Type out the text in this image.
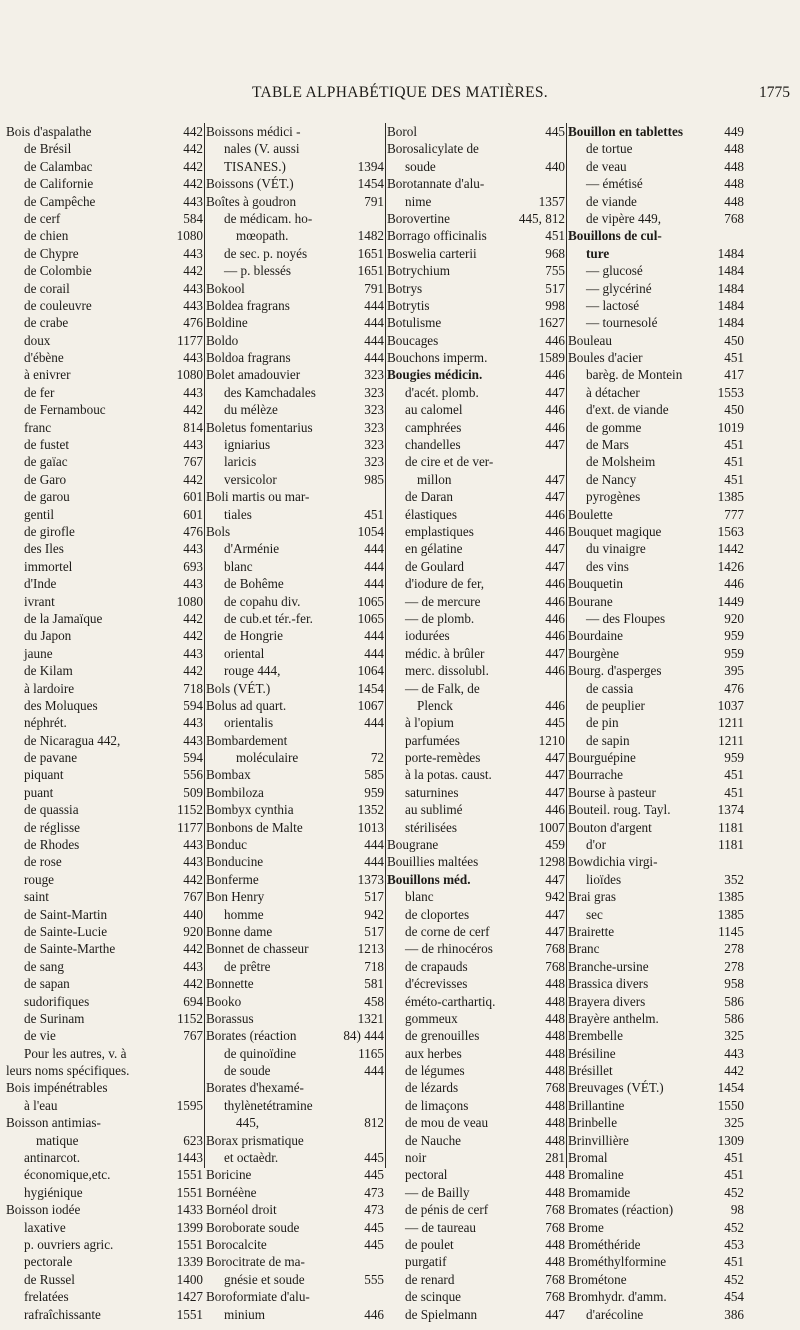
TABLE ALPHABÉTIQUE DES MATIÈRES.	1775
Bois d'aspalathe	442
de Brésil	442
de Calambac	442
de Californie	442
de Campêche	443
de cerf	584
de chien	1080
de Chypre	443
de Colombie	442
de corail	443
de couleuvre	443
de crabe	476
doux	1177
d'ébène	443
à enivrer	1080
de fer	443
de Fernambouc	442
franc	814
de fustet	443
de gaïac	767
de Garo	442
de garou	601
gentil	601
de girofle	476
des Iles	443
immortel	693
d'Inde	443
ivrant	1080
de la Jamaïque	442
du Japon	442
jaune	443
de Kilam	442
à lardoire	718
des Moluques	594
néphrét.	443
de Nicaragua 442,	443
de pavane	594
piquant	556
puant	509
de quassia	1152
de réglisse	1177
de Rhodes	443
de rose	443
rouge	442
saint	767
de Saint-Martin	440
de Sainte-Lucie	920
de Sainte-Marthe	442
de sang	443
de sapan	442
sudorifiques	694
de Surinam	1152
de vie	767
Pour les autres, v. à
leurs noms spécifiques.
Bois impénétrables
à l'eau	1595
Boisson antimias-
matique	623
antinarcot.	1443
économique,etc.	1551
hygiénique	1551
Boisson iodée	1433
laxative	1399
p. ouvriers agric.	1551
pectorale	1339
de Russel	1400
frelatées	1427
rafraîchissante	1551
Boissons médici -
nales (V. aussi
TISANES.)	1394
Boissons (VÉT.)	1454
Boîtes à goudron	791
de médicam. ho-
mœopath.	1482
de sec. p. noyés	1651
— p. blessés	1651
Bokool	791
Boldea fragrans	444
Boldine	444
Boldo	444
Boldoa fragrans	444
Bolet amadouvier	323
des Kamchadales	323
du mélèze	323
Boletus fomentarius	323
igniarius	323
laricis	323
versicolor	985
Boli martis ou mar-
tiales	451
Bols	1054
d'Arménie	444
blanc	444
de Bohême	444
de copahu div.	1065
de cub.et tér.-fer.	1065
de Hongrie	444
oriental	444
rouge 444,	1064
Bols (VÉT.)	1454
Bolus ad quart.	1067
orientalis	444
Bombardement
moléculaire	72
Bombax	585
Bombiloza	959
Bombyx cynthia	1352
Bonbons de Malte	1013
Bonduc	444
Bonducine	444
Bonferme	1373
Bon Henry	517
homme	942
Bonne dame	517
Bonnet de chasseur	1213
de prêtre	718
Bonnette	581
Booko	458
Borassus	1321
Borates (réaction	84) 444
de quinoïdine	1165
de soude	444
Borates d'hexamé-
thylènetétramine
445,	812
Borax prismatique
et octaèdr.	445
Boricine	445
Bornéène	473
Bornéol droit	473
Boroborate soude	445
Borocalcite	445
Borocitrate de ma-
gnésie et soude	555
Boroformiate d'alu-
minium	446
Borol	445
Borosalicylate de
soude	440
Borotannate d'alu-
nime	1357
Borovertine	445, 812
Borrago officinalis	451
Boswelia carterii	968
Botrychium	755
Botrys	517
Botrytis	998
Botulisme	1627
Boucages	446
Bouchons imperm.	1589
Bougies médicin.	446
d'acét. plomb.	447
au calomel	446
camphrées	446
chandelles	447
de cire et de ver-
millon	447
de Daran	447
élastiques	446
emplastiques	446
en gélatine	447
de Goulard	447
d'iodure de fer,	446
— de mercure	446
— de plomb.	446
iodurées	446
médic. à brûler	447
merc. dissolubl.	446
— de Falk, de
Plenck	446
à l'opium	445
parfumées	1210
porte-remèdes	447
à la potas. caust.	447
saturnines	447
au sublimé	446
stérilisées	1007
Bougrane	459
Bouillies maltées	1298
Bouillons méd.	447
blanc	942
de cloportes	447
de corne de cerf	447
— de rhinocéros	768
de crapauds	768
d'écrevisses	448
éméto-carthartiq.	448
gommeux	448
de grenouilles	448
aux herbes	448
de légumes	448
de lézards	768
de limaçons	448
de mou de veau	448
de Nauche	448
noir	281
pectoral	448
— de Bailly	448
de pénis de cerf	768
— de taureau	768
de poulet	448
purgatif	448
de renard	768
de scinque	768
de Spielmann	447
Bouillon en tablettes	449
de tortue	448
de veau	448
— émétisé	448
de viande	448
de vipère 449,	768
Bouillons de cul-
ture	1484
— glucosé	1484
— glycériné	1484
— lactosé	1484
— tournesolé	1484
Bouleau	450
Boules d'acier	451
barèg. de Montein	417
à détacher	1553
d'ext. de viande	450
de gomme	1019
de Mars	451
de Molsheim	451
de Nancy	451
pyrogènes	1385
Boulette	777
Bouquet magique	1563
du vinaigre	1442
des vins	1426
Bouquetin	446
Bourane	1449
— des Floupes	920
Bourdaine	959
Bourgène	959
Bourg. d'asperges	395
de cassia	476
de peuplier	1037
de pin	1211
de sapin	1211
Bourguépine	959
Bourrache	451
Bourse à pasteur	451
Bouteil. roug. Tayl.	1374
Bouton d'argent	1181
d'or	1181
Bowdichia virgi-
lioïdes	352
Brai gras	1385
sec	1385
Brairette	1145
Branc	278
Branche-ursine	278
Brassica divers	958
Brayera divers	586
Brayère anthelm.	586
Brembelle	325
Brésiline	443
Brésillet	442
Breuvages (VÉT.)	1454
Brillantine	1550
Brinbelle	325
Brinvillière	1309
Bromal	451
Bromaline	451
Bromamide	452
Bromates (réaction)	98
Brome	452
Brométhéride	453
Brométhylformine	451
Brométone	452
Bromhydr. d'amm.	454
d'arécoline	386
